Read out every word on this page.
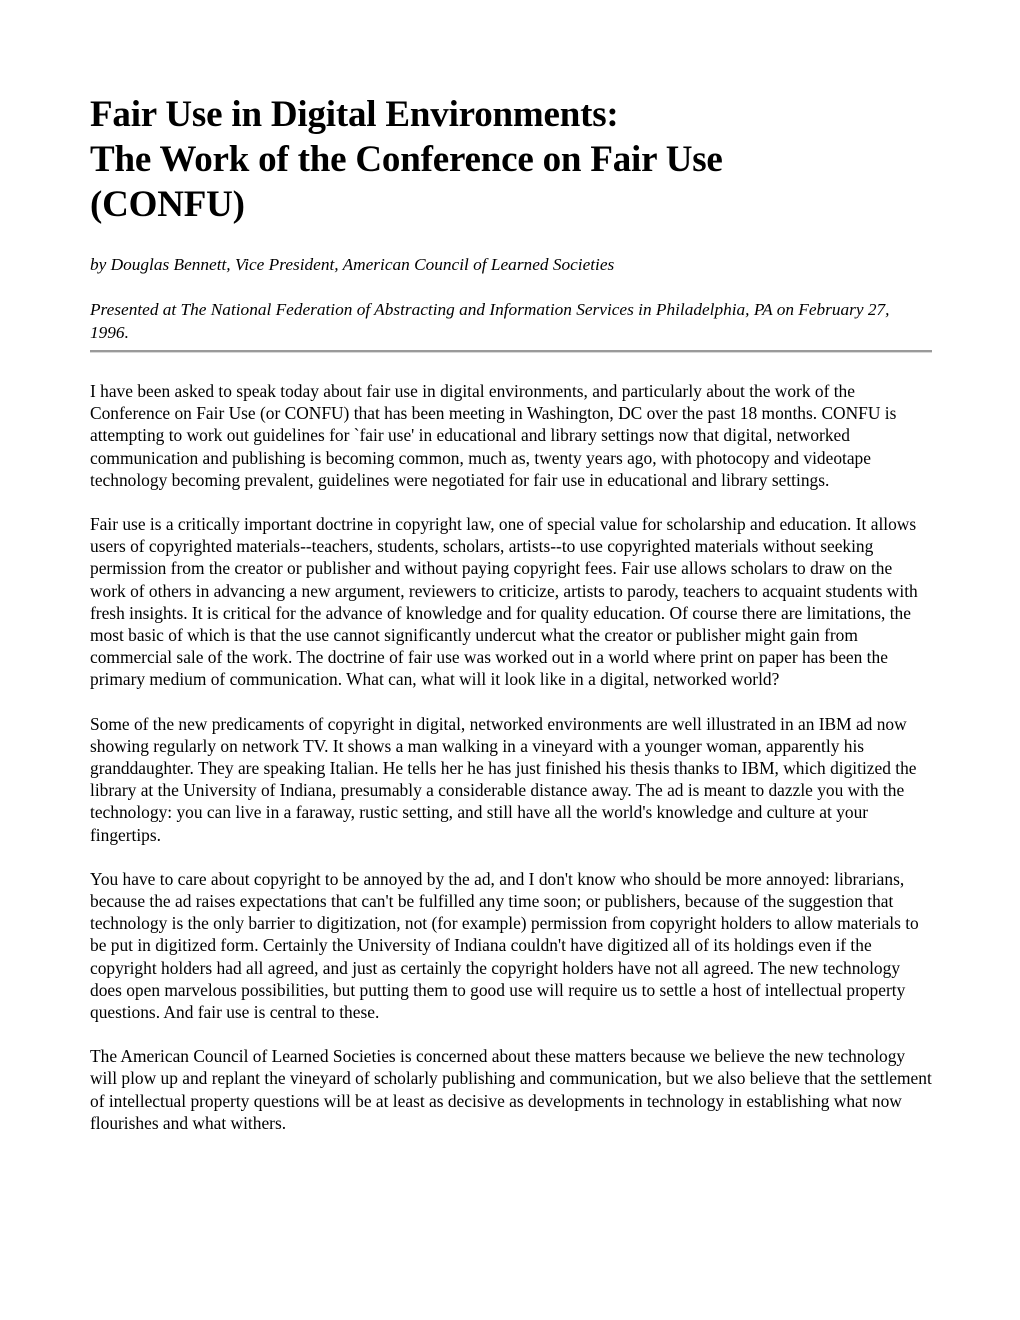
Fair Use in Digital Environments:
The Work of the Conference on Fair Use
(CONFU)

by Douglas Bennett, Vice President, American Council of Learned Societies

Presented at The National Federation of Abstracting and Information Services in Philadelphia, PA on February 27, 1996.

I have been asked to speak today about fair use in digital environments, and particularly about the work of the Conference on Fair Use (or CONFU) that has been meeting in Washington, DC over the past 18 months. CONFU is attempting to work out guidelines for `fair use' in educational and library settings now that digital, networked communication and publishing is becoming common, much as, twenty years ago, with photocopy and videotape technology becoming prevalent, guidelines were negotiated for fair use in educational and library settings.

Fair use is a critically important doctrine in copyright law, one of special value for scholarship and education. It allows users of copyrighted materials--teachers, students, scholars, artists--to use copyrighted materials without seeking permission from the creator or publisher and without paying copyright fees. Fair use allows scholars to draw on the work of others in advancing a new argument, reviewers to criticize, artists to parody, teachers to acquaint students with fresh insights. It is critical for the advance of knowledge and for quality education. Of course there are limitations, the most basic of which is that the use cannot significantly undercut what the creator or publisher might gain from commercial sale of the work. The doctrine of fair use was worked out in a world where print on paper has been the primary medium of communication. What can, what will it look like in a digital, networked world?

Some of the new predicaments of copyright in digital, networked environments are well illustrated in an IBM ad now showing regularly on network TV. It shows a man walking in a vineyard with a younger woman, apparently his granddaughter. They are speaking Italian. He tells her he has just finished his thesis thanks to IBM, which digitized the library at the University of Indiana, presumably a considerable distance away. The ad is meant to dazzle you with the technology: you can live in a faraway, rustic setting, and still have all the world's knowledge and culture at your fingertips.

You have to care about copyright to be annoyed by the ad, and I don't know who should be more annoyed: librarians, because the ad raises expectations that can't be fulfilled any time soon; or publishers, because of the suggestion that technology is the only barrier to digitization, not (for example) permission from copyright holders to allow materials to be put in digitized form. Certainly the University of Indiana couldn't have digitized all of its holdings even if the copyright holders had all agreed, and just as certainly the copyright holders have not all agreed. The new technology does open marvelous possibilities, but putting them to good use will require us to settle a host of intellectual property questions. And fair use is central to these.

The American Council of Learned Societies is concerned about these matters because we believe the new technology will plow up and replant the vineyard of scholarly publishing and communication, but we also believe that the settlement of intellectual property questions will be at least as decisive as developments in technology in establishing what now flourishes and what withers.
